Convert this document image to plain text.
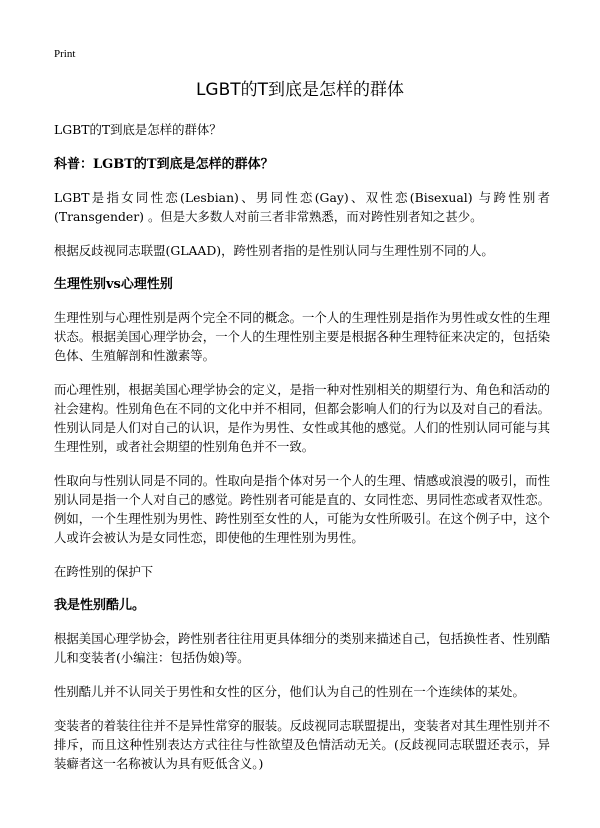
Print
LGBT的T到底是怎样的群体

LGBT的T到底是怎样的群体？

科普：LGBT的T到底是怎样的群体？

LGBT是指女同性恋(Lesbian)、男同性恋(Gay)、双性恋(Bisexual) 与跨性别者(Transgender) 。但是大多数人对前三者非常熟悉，而对跨性别者知之甚少。

根据反歧视同志联盟(GLAAD)，跨性别者指的是性别认同与生理性别不同的人。

生理性别vs心理性别

生理性别与心理性别是两个完全不同的概念。一个人的生理性别是指作为男性或女性的生理状态。根据美国心理学协会，一个人的生理性别主要是根据各种生理特征来决定的，包括染色体、生殖解剖和性激素等。

而心理性别，根据美国心理学协会的定义，是指一种对性别相关的期望行为、角色和活动的社会建构。性别角色在不同的文化中并不相同，但都会影响人们的行为以及对自己的看法。性别认同是人们对自己的认识，是作为男性、女性或其他的感觉。人们的性别认同可能与其生理性别，或者社会期望的性别角色并不一致。

性取向与性别认同是不同的。性取向是指个体对另一个人的生理、情感或浪漫的吸引，而性别认同是指一个人对自己的感觉。跨性别者可能是直的、女同性恋、男同性恋或者双性恋。例如，一个生理性别为男性、跨性别至女性的人，可能为女性所吸引。在这个例子中，这个人或许会被认为是女同性恋，即使他的生理性别为男性。

在跨性别的保护下

我是性别酷儿。

根据美国心理学协会，跨性别者往往用更具体细分的类别来描述自己，包括换性者、性别酷儿和变装者(小编注：包括伪娘)等。

性别酷儿并不认同关于男性和女性的区分，他们认为自己的性别在一个连续体的某处。

变装者的着装往往并不是异性常穿的服装。反歧视同志联盟提出，变装者对其生理性别并不排斥，而且这种性别表达方式往往与性欲望及色情活动无关。(反歧视同志联盟还表示，异装癖者这一名称被认为具有贬低含义。)
